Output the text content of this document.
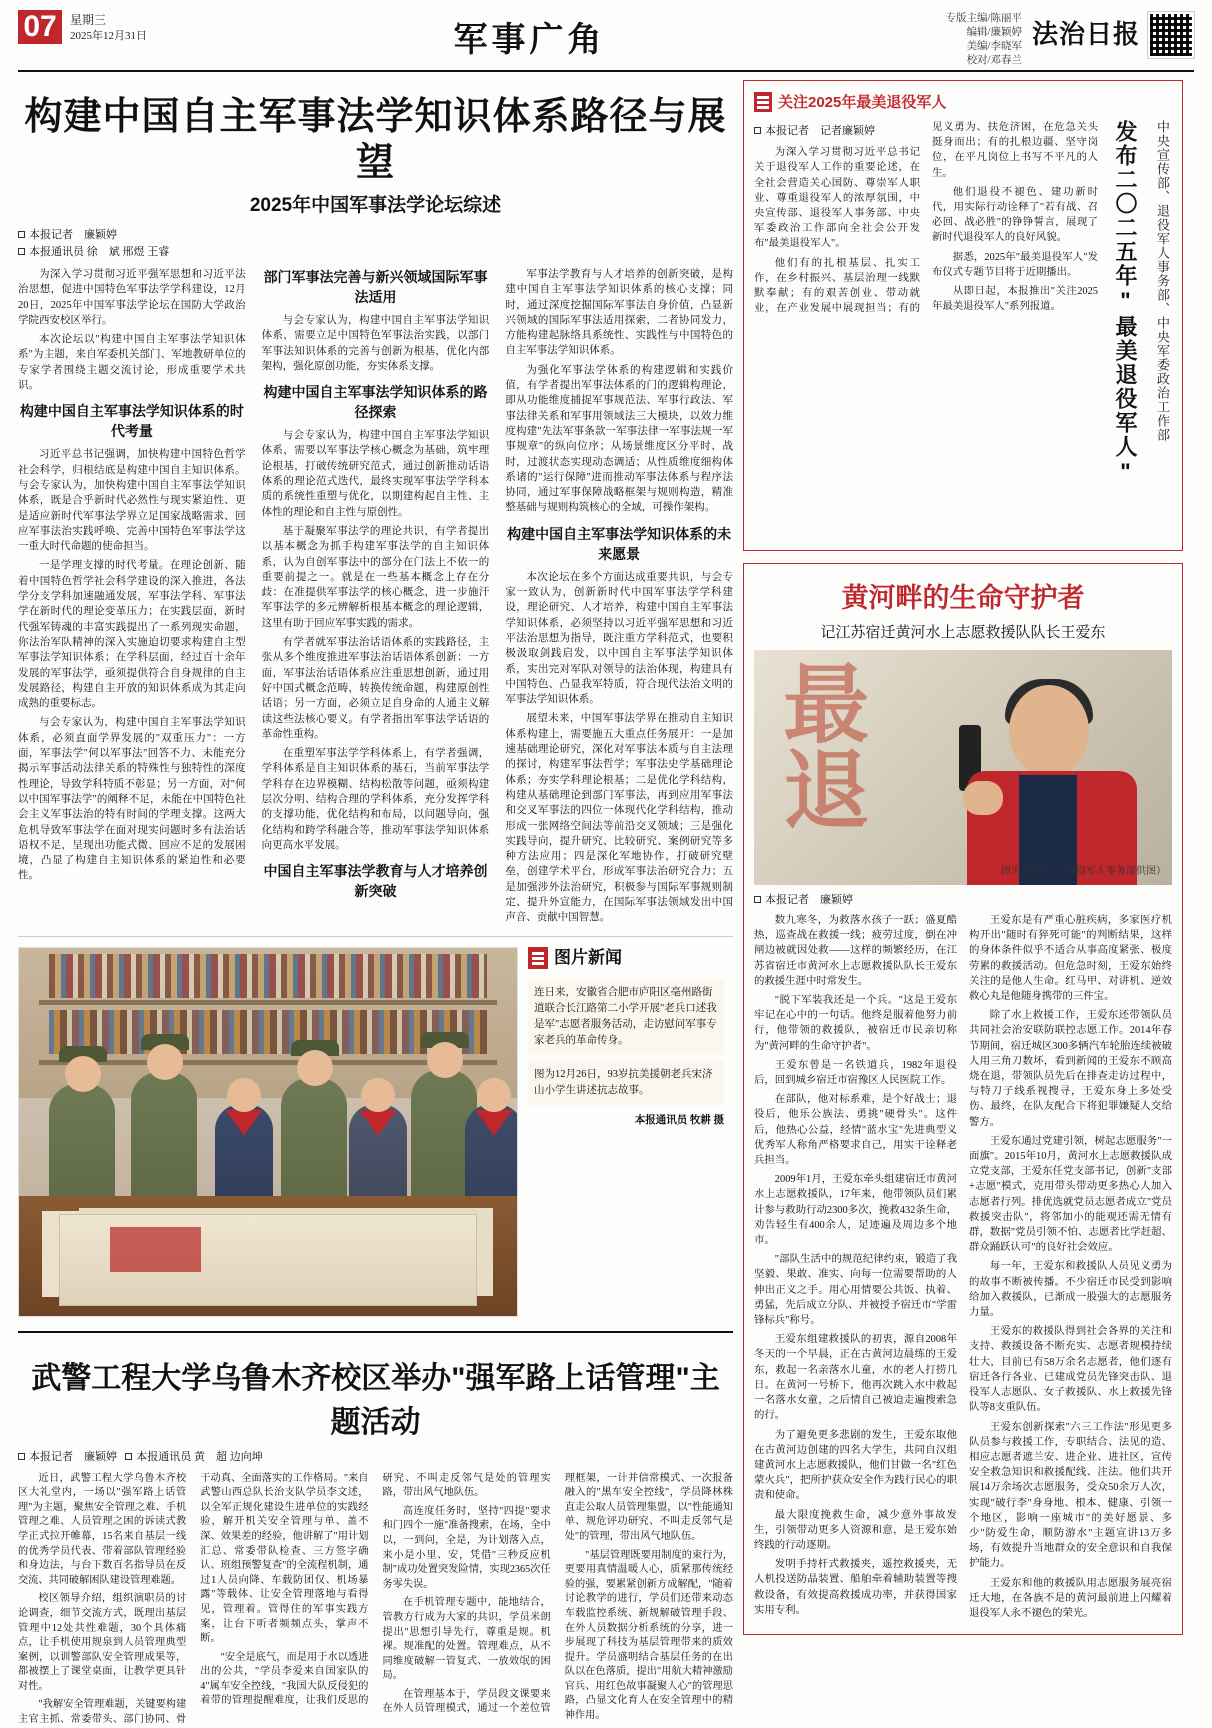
07	星期三
2025年12月31日	军事广角
专版主编/陈丽平
编辑/廉颖婷
美编/李晓军
校对/邓春兰
法治日报
构建中国自主军事法学知识体系路径与展望
2025年中国军事法学论坛综述
本报记者　廉颖婷
本报通讯员 徐　斌 邢煜 王睿

为深入学习贯彻习近平强军思想和习近平法治思想，促进中国特色军事法学学科建设，12月20日，2025年中国军事法学论坛在国防大学政治学院西安校区举行。

本次论坛以"构建中国自主军事法学知识体系"为主题，来自军委机关部门、军地教研单位的专家学者围绕主题交流讨论，形成重要学术共识。

构建中国自主军事法学知识体系的时代考量

习近平总书记强调，加快构建中国特色哲学社会科学，归根结底是构建中国自主知识体系。与会专家认为，加快构建中国自主军事法学知识体系，既是合乎新时代必然性与现实紧迫性、更是适应新时代军事法学界立足国家战略需求、回应军事法治实践呼唤、完善中国特色军事法学这一重大时代命题的使命担当。

一是学理支撑的时代考量。在理论创新、随着中国特色哲学社会科学建设的深入推进，各法学分支学科加速融通发展，军事法学科、军事法学在新时代的理论变革压力；在实践层面，新时代强军铸魂的丰富实践提出了一系列现实命题，你法治军队精神的深入实施迫切要求构建自主型军事法学知识体系；在学科层面，经过百十余年发展的军事法学，亟须提供符合自身规律的自主发展路径，构建自主开放的知识体系成为其走向成熟的重要标志。

与会专家认为，构建中国自主军事法学知识体系，必须直面学界发展的"双重压力"：一方面，军事法学"何以军事法"回答不力、未能充分揭示军事活动法律关系的特殊性与独特性的深度性理论，导致学科特质不彰显；另一方面，对"何以中国军事法学"的阐释不足，未能在中国特色社会主义军事法治的特有时间的学理支撑。这两大危机导致军事法学在面对现实问题时多有法治话语权不足，呈现出功能式微、回应不足的发展困境，凸显了构建自主知识体系的紧迫性和必要性。

部门军事法完善与新兴领域国际军事法适用

与会专家认为，构建中国自主军事法学知识体系，需要立足中国特色军事法治实践，以部门军事法知识体系的完善与创新为根基，优化内部架构，强化原创功能，夯实体系支撑。

构建中国自主军事法学知识体系的路径探索

与会专家认为，构建中国自主军事法学知识体系，需要以军事法学核心概念为基础，筑牢理论根基，打破传统研究范式，通过创新推动话语体系的理论范式迭代，最终实现军事法学学科本质的系统性重塑与优化，以期建构起自主性、主体性的理论和自主性与原创性。

基于凝聚军事法学的理论共识，有学者提出以基本概念为抓手构建军事法学的自主知识体系，认为自创军事法中的部分在门法上不依一的重要前提之一。就是在一些基本概念上存在分歧：在准提供军事法学的核心概念，进一步施汗军事法学的多元辨解析根基本概念的理论逻辑，这里有助于回应军事实践的需求。

有学者就军事法治话语体系的实践路径，主张从多个维度推进军事法治话语体系创新：一方面，军事法治话语体系应注重思想创新，通过用好中国式概念范畴，转换传统命题，构建原创性话语；另一方面，必须立足自身命的人通主义解读这些法核心要义。有学者指出军事法学话语的革命性重构。

在重塑军事法学学科体系上，有学者强调，学科体系是自主知识体系的基石，当前军事法学学科存在边界模糊、结构松散等问题，亟须构建层次分明、结构合理的学科体系，充分发挥学科的支撑功能，优化结构和布局，以问题导向，强化结构和跨学科融合等，推动军事法学知识体系向更高水平发展。

中国自主军事法学教育与人才培养创新突破

军事法学教育与人才培养的创新突破，是构建中国自主军事法学知识体系的核心支撑；同时，通过深度挖掘国际军事法自身价值，凸显新兴领域的国际军事法适用探索，二者协同发力，方能构建起脉络具系统性、实践性与中国特色的自主军事法学知识体系。

为强化军事法学体系的构建逻辑和实践价值，有学者提出军事法体系的门的逻辑构理论，即从功能维度捕捉军事规范法、军事行政法、军事法律关系和军事用领域法三大模块，以效力维度构建"先法军事条款一军事法律一军事法规一军事规章"的纵向位序；从场景维度区分平时、战时，过渡状态实现动态调适；从性质维度细构体系诸的"运行保障"进而推动军事法体系与程序法协同，通过军事保障战略框架与规则构造，精准整基础与规则构筑核心的全域，可操作架构。

构建中国自主军事法学知识体系的未来愿景

本次论坛在多个方面达成重要共识，与会专家一致认为，创新新时代中国军事法学学科建设，理论研究、人才培养，构建中国自主军事法学知识体系，必须坚持以习近平强军思想和习近平法治思想为指导，既注重方学科范式，也要积极汲取剑践启发，以中国自主军事法学知识体系，实出完对军队对领导的法治体现，构建具有中国特色、凸显我军特质，符合现代法治文明的军事法学知识体系。

展望未来，中国军事法学界在推动自主知识体系构建上，需要施五大重点任务展开：一是加速基础理论研究，深化对军事法本质与自主法理的探讨，构建军事法哲学；军事法史学基础理论体系；夯实学科理论根基；二是优化学科结构，构建从基础理论到部门军事法，再到应用军事法和交叉军事法的四位一体现代化学科结构，推动形成一张网络空间法等前沿交叉领域；三是强化实践导向，提升研究、比较研究、案例研究等多种方法应用；四是深化军地协作，打破研究壁垒，创建学术平台，形成军事法治研究合力；五是加强涉外法治研究，积极参与国际军事规则制定、提升外宣能力，在国际军事法领域发出中国声音、贡献中国智慧。

图片新闻
连日来，安徽省合肥市庐阳区亳州路街道联合长江路第二小学开展"老兵口述我是军"志愿者服务活动，走访慰问军事专家老兵的革命传身。
图为12月26日，93岁抗美援朝老兵宋济山小学生讲述抗志故事。
本报通讯员 牧耕 摄
武警工程大学乌鲁木齐校区举办"强军路上话管理"主题活动
本报记者　廉颖婷 本报通讯员 黄　超 边向坤

近日，武警工程大学乌鲁木齐校区大礼堂内，一场以"强军路上话管理"为主题，聚焦安全管理之难、手机管理之难、人员管理之困的诉读式教学正式拉开帷幕，15名来自基层一线的优秀学员代表、带着部队管理经验和身边法，与台下数百名指导员在反交流、共同破解困队建设管理难题。

校区领导介绍，组织演职员的讨论调查，细节交流方式，既理出基层管理中12处共性难题，30个具体痛点，让手机使用规泉到人员管理典型案例，以训警部队安全管理成果等，都被摆上了课堂桌面，让教学更具针对性。

"我解安全管理难题，关键要构建主官主抓、常委带头、部门协同、骨干动真、全面落实的工作格局。"来自武警山西总队长治支队学员李文述，以全军正规化建设生进单位的实践经验，解开机关安全管理与单、盖不深、效果差的经验，他讲解了"用计划汇总、常委带队检查、三方签字确认、班组预警复查"的全流程机制，通过1人员向降、车载防团仅、机场暴露"等载体、让安全管理落地与看得见，管理着。管得住的军事实践方案，让台下听者频频点头，掌声不断。

"安全是底气，而是用于水以透进出的公共，"学员李爱来自国家队的4"属车安全控线，"我国大队反侵犯的着带的管理提醒难度，让我们反思的研究、不叫走反邻气是处的管理实路，带出风气地队伍。

高连度任务时，坚持"四提"要求和门四个一施"准备搜索，在场，全中以，一到问，全是，为计划落入点，来小是小里、安，凭借"三秒反应机制"成功处置突发险情，实现2365次任务零失误。

在手机管理专题中，能地结合，管教方行成为大家的共识，学员米朗提出"思想引导先行，尊重是规。机裸。规准配的处置。管理难点，从不同维度破解一管复式、一放效氓的困局。

在管理基本于，学员段文课要来在外人员管理模式，通过一个差位管理框架，一计并信常模式、一次报备融入的"黑车安全控线"，学员降林株直走公取人员管理集盟，以"性能通知单、规危评功研究、不叫走反邻气是处"的管理，带出风气地队伍。

"基层管理既要用制度的束行为，更要用真情温暖人心，质紧那传统经验的强，要累紧创新方成解配，"随着讨论教学的进行，学员们还带来动态车载监控系统、新规解破管理手段、在外人员数据分析系统的分享，进一步展现了科技为基层管理带来的质效提升。学员盛明结合基层任务的在出队以在色落质，提出"用航大精神激励官兵、用红色故事凝聚人心"的管理思路，凸显文化育人在安全管理中的精神作用。

关注2025年最美退役军人
中央宣传部、退役军人事务部、中央军委政治工作部
发布二〇二五年"最美退役军人"
本报记者　记者廉颖婷

为深入学习贯彻习近平总书记关于退役军人工作的重要论述，在全社会营造关心国防、尊崇军人职业、尊重退役军人的浓厚氛围，中央宣传部、退役军人事务部、中央军委政治工作部向全社会公开发布"最美退役军人"。

他们有的扎根基层、扎实工作，在乡村振兴、基层治理一线默默奉献；有的艰苦创业、带动就业，在产业发展中展现担当；有的见义勇为、扶危济困，在危急关头挺身而出；有的扎根边疆、坚守岗位，在平凡岗位上书写不平凡的人生。

他们退役不褪色、建功新时代，用实际行动诠释了"若有战、召必回、战必胜"的铮铮誓言，展现了新时代退役军人的良好风貌。

据悉，2025年"最美退役军人"发布仪式专题节目将于近期播出。

从即日起，本报推出"关注2025年最美退役军人"系列报道。

黄河畔的生命守护者
记江苏宿迁黄河水上志愿救援队队长王爱东
最退
图为王爱东。（退役军人事务部供图）
本报记者　廉颖婷

数九寒冬，为救落水孩子一跃；盛夏酷热，巡查战在救援一线；疲劳过度，倒在冲闸边被就因处救——这样的频繁经历，在江苏省宿迁市黄河水上志愿救援队队长王爱东的救援生涯中时常发生。

"脱下军装我还是一个兵。"这是王爱东牢记在心中的一句话。他终是服着他努力前行，他带领的救援队，被宿迁市民亲切称为"黄河畔的生命守护者"。

王爱东曾是一名铁道兵，1982年退役后，回到城乡宿迁市宿豫区人民医院工作。

在部队，他对标系难，是个好战士；退役后，他乐公族法、勇挑"硬骨头"。这件后，他热心公益，经情"蓝水宝"先进典型义优秀军人称角严格要求自己，用实干诠释老兵担当。

2009年1月，王爱东牵头组建宿迁市黄河水上志愿救援队，17年来，他带领队员们累计参与救助行动2300多次，挽救432条生命，劝告轻生有400余人，足迹遍及周边多个地市。

"部队生活中的规范纪律约束，锻造了我坚毅、果敢、准实、向每一位需要帮助的人伸出正义之手。用心用情要公共饭、执着、勇猛，先后成立分队、并被授予宿迁市"学雷锋标兵"称号。

王爱东组建救援队的初衷，源自2008年冬天的一个早晨，正在古黄河边晨练的王爱东，救起一名亲落水儿童，水的老人打捞几日。在黄河一号桥下，他再次跳入水中救起一名落水女童，之后情自己被迫走遍搜索急的行。

为了避免更多悲剧的发生，王爱东取他在古黄河边创建的四名大学生，共同自汉组建黄河水上志愿救援队，他们甘做一名"红色蒙火兵"，把所护获众安全作为践行民心的职责和使命。

最大限度挽救生命，减少意外事故发生，引领带动更多人资源和意，是王爱东始终践的行动逐期。

发明手持杆式救援夹，遥控救援夹，无人机投送防晶装置、船舶牵着辅助装置等搜救设备，有效提高救援成功率，并获得国家实用专利。

王爱东是有严重心脏疾病，多家医疗机构开出"随时有猝死可能"的判断结果，这样的身体条件似乎不适合从事高度紧张、极度劳累的救援活动。但危急时刻，王爱东始终关注的是他人生命。红马甲、对讲机、逆效救心丸是他随身携带的三件宝。

除了水上救援工作，王爱东还带领队员共同社会治安联防联控志愿工作。2014年春节期间，宿迁城区300多辆汽车轮胎连续被破人用三角刀数坏，看到新闻的王爱东不顾高烧在退，带领队员先后在排查走访过程中，与特刀子线系视搜寻，王爱东身上多处受伤、最终，在队友配合下将犯罪嫌疑人交给警方。

王爱东通过党建引领，树起志愿服务"一面旗"。2015年10月，黄河水上志愿救援队成立党支部，王爱东任党支部书记，创新"支部+志愿"模式，克用带头带动更多热心人加入志愿者行列。排优选就党员志愿者成立"党员救援突击队"，将邻加小的能观还需无情有群，数据"党员引领不怕、志愿者比学赶超、群众踊跃认可"的良好社会效应。

每一年，王爱东和救援队人员见义勇为的故事不断被传播。不少宿迁市民受到影响给加入救援队，已渐成一股强大的志愿服务力量。

王爱东的救援队得到社会各界的关注和支持、救援设备不断充实、志愿者规模持续壮大，目前已有58万余名志愿者，他们逐有宿迁各行各业、已建成党员先锋突击队、退役军人志愿队、女子救援队、水上救援先锋队等8支重队伍。

王爱东创新探索"六三工作法"形见更多队员参与救援工作，专职结合、法见的造、相应志愿者遮兰安、进企业、进社区，宣传安全救急知识和救援配线、注法。他们共开展14万余场次志愿服务，受众50余万人次，实现"破行李"身身地、根本、健康、引领一个地区，影响一座城市"的美好愿景、多少"防爱生命，顺防游水"主题宣讲13万多场，有效提升当地群众的安全意识和自我保护能力。

王爱东和他的救援队用志愿服务展亮宿迁大地，在各族不是的黄河最前进上闪耀着退役军人永不褪色的荣光。
